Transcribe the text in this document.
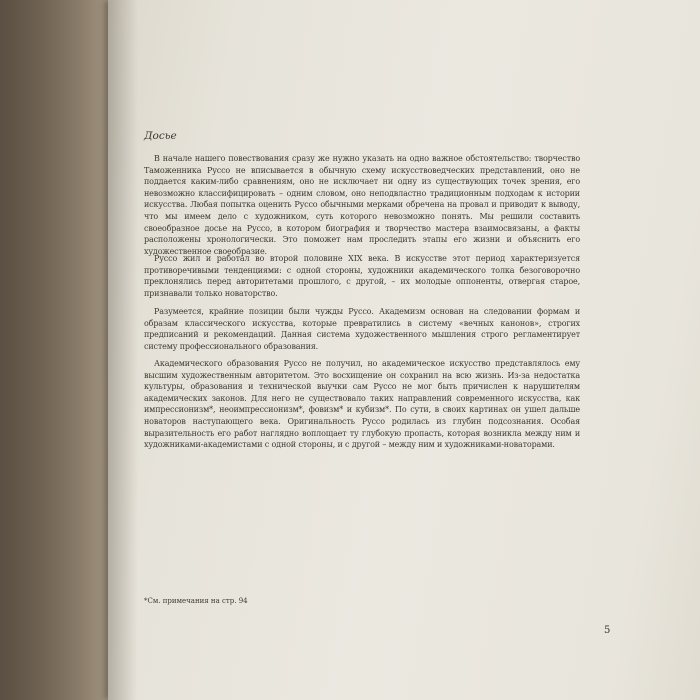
Досье

В начале нашего повествования сразу же нужно указать на одно важное обстоятельство: творчество Таможенника Руссо не вписывается в обычную схему искусствоведческих представлений, оно не поддается каким-либо сравнениям, оно не исключает ни одну из существующих точек зрения, его невозможно классифицировать – одним словом, оно неподвластно традиционным подходам к истории искусства. Любая попытка оценить Руссо обычными мерками обречена на провал и приводит к выводу, что мы имеем дело с художником, суть которого невозможно понять. Мы решили составить своеобразное досье на Руссо, в котором биография и творчество мастера взаимосвязаны, а факты расположены хронологически. Это поможет нам проследить этапы его жизни и объяснить его художественное своеобразие.

Руссо жил и работал во второй половине XIX века. В искусстве этот период характеризуется противоречивыми тенденциями: с одной стороны, художники академического толка безоговорочно преклонялись перед авторитетами прошлого, с другой, – их молодые оппоненты, отвергая старое, признавали только новаторство.

Разумеется, крайние позиции были чужды Руссо. Академизм основан на следовании формам и образам классического искусства, которые превратились в систему «вечных канонов», строгих предписаний и рекомендаций. Данная система художественного мышления строго регламентирует систему профессионального образования.

Академического образования Руссо не получил, но академическое искусство представлялось ему высшим художественным авторитетом. Это восхищение он сохранил на всю жизнь. Из-за недостатка культуры, образования и технической выучки сам Руссо не мог быть причислен к нарушителям академических законов. Для него не существовало таких направлений современного искусства, как импрессионизм*, неоимпрессионизм*, фовизм* и кубизм*. По сути, в своих картинах он ушел дальше новаторов наступающего века. Оригинальность Руссо родилась из глубин подсознания. Особая выразительность его работ наглядно воплощает ту глубокую пропасть, которая возникла между ним и художниками-академистами с одной стороны, и с другой – между ним и художниками-новаторами.

*См. примечания на стр. 94
5
